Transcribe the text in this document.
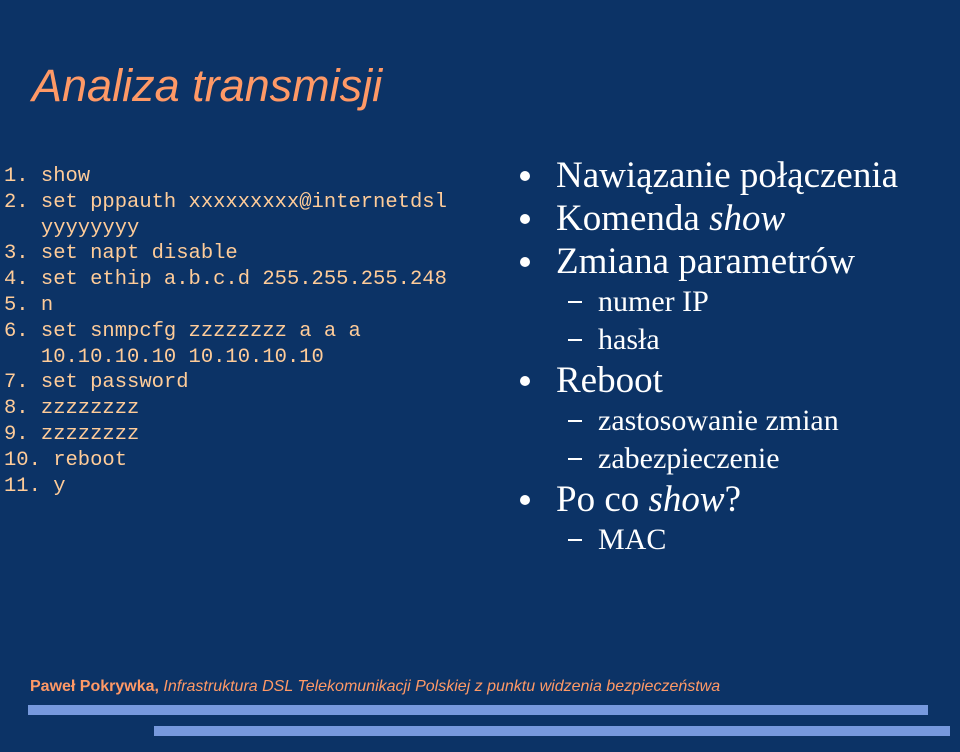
Analiza transmisji
1. show
2. set pppauth xxxxxxxxx@internetdsl
yyyyyyyy
3. set napt disable
4. set ethip a.b.c.d 255.255.255.248
5. n
6. set snmpcfg zzzzzzzz a a a
10.10.10.10 10.10.10.10
7. set password
8. zzzzzzzz
9. zzzzzzzz
10. reboot
11. y
Nawiązanie połączenia
Komenda show
Zmiana parametrów
numer IP
hasła
Reboot
zastosowanie zmian
zabezpieczenie
Po co show?
MAC
Paweł Pokrywka, Infrastruktura DSL Telekomunikacji Polskiej z punktu widzenia bezpieczeństwa
